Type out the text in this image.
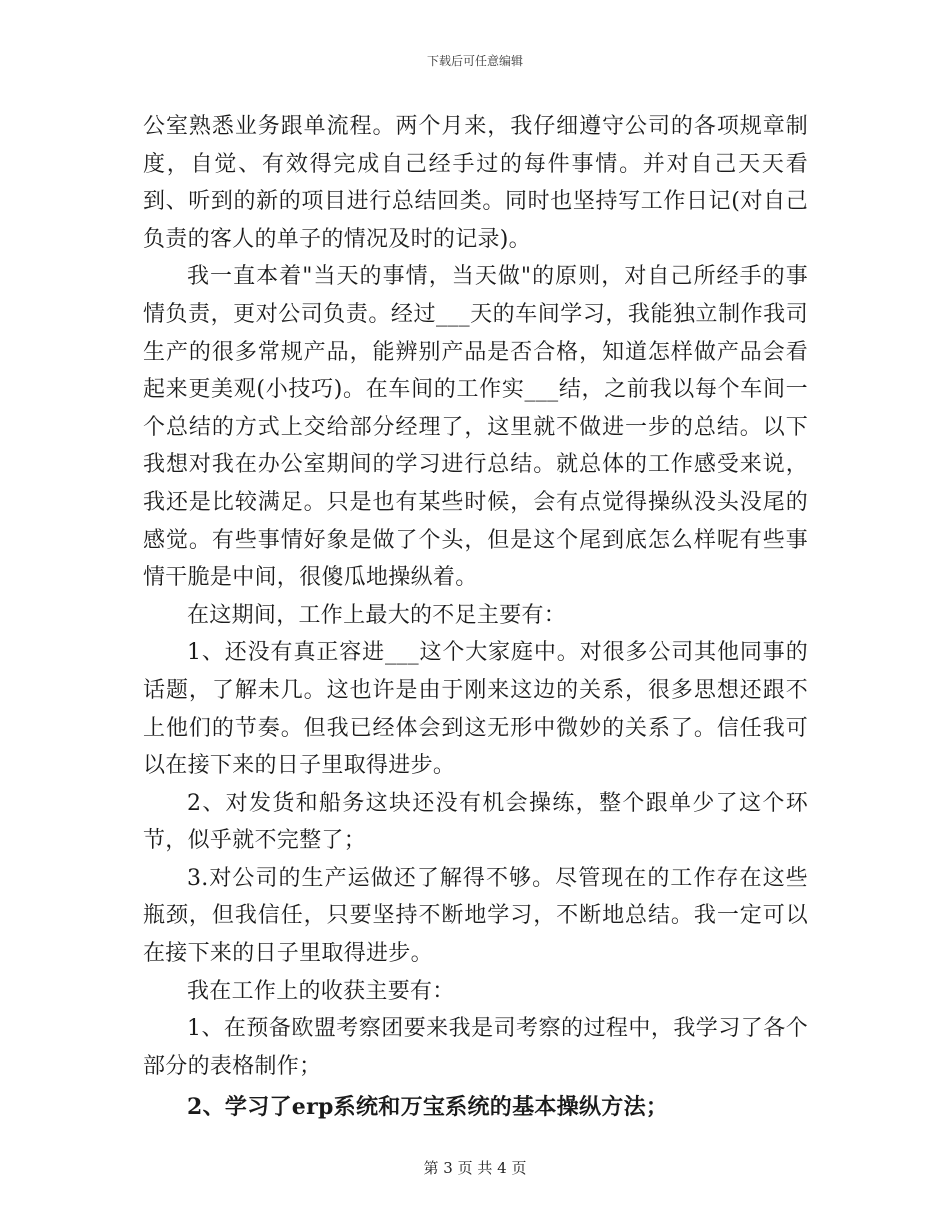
下载后可任意编辑

公室熟悉业务跟单流程。两个月来，我仔细遵守公司的各项规章制度，自觉、有效得完成自己经手过的每件事情。并对自己天天看到、听到的新的项目进行总结回类。同时也坚持写工作日记(对自己负责的客人的单子的情况及时的记录)。

我一直本着"当天的事情，当天做"的原则，对自己所经手的事情负责，更对公司负责。经过___天的车间学习，我能独立制作我司生产的很多常规产品，能辨别产品是否合格，知道怎样做产品会看起来更美观(小技巧)。在车间的工作实___结，之前我以每个车间一个总结的方式上交给部分经理了，这里就不做进一步的总结。以下我想对我在办公室期间的学习进行总结。就总体的工作感受来说，我还是比较满足。只是也有某些时候，会有点觉得操纵没头没尾的感觉。有些事情好象是做了个头，但是这个尾到底怎么样呢有些事情干脆是中间，很傻瓜地操纵着。

在这期间，工作上最大的不足主要有：

1、还没有真正容进___这个大家庭中。对很多公司其他同事的话题，了解未几。这也许是由于刚来这边的关系，很多思想还跟不上他们的节奏。但我已经体会到这无形中微妙的关系了。信任我可以在接下来的日子里取得进步。

2、对发货和船务这块还没有机会操练，整个跟单少了这个环节，似乎就不完整了；

3.对公司的生产运做还了解得不够。尽管现在的工作存在这些瓶颈，但我信任，只要坚持不断地学习，不断地总结。我一定可以在接下来的日子里取得进步。

我在工作上的收获主要有：

1、在预备欧盟考察团要来我是司考察的过程中，我学习了各个部分的表格制作；

2、学习了erp系统和万宝系统的基本操纵方法；

第 3 页 共 4 页
